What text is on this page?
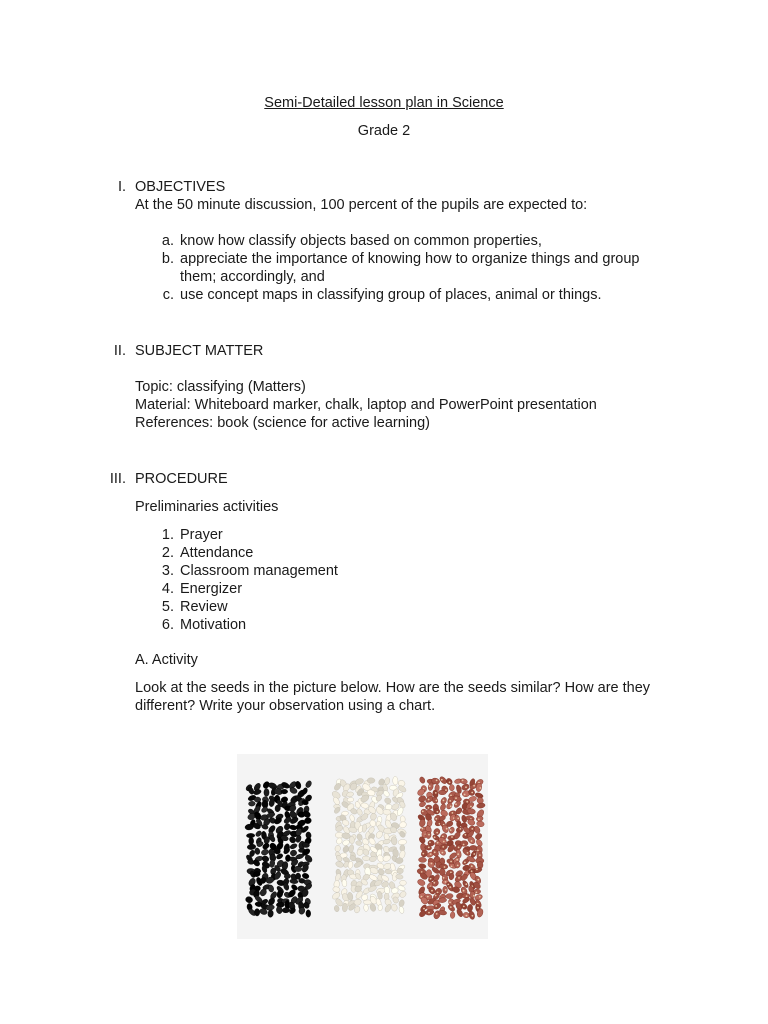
Semi-Detailed lesson plan in Science
Grade 2
I. OBJECTIVES
At the 50 minute discussion, 100 percent of the pupils are expected to:
a. know how classify objects based on common properties,
b. appreciate the importance of knowing how to organize things and group
them; accordingly, and
c. use concept maps in classifying group of places, animal or things.
II. SUBJECT MATTER
Topic: classifying (Matters)
Material: Whiteboard marker, chalk, laptop and PowerPoint presentation
References: book (science for active learning)
III. PROCEDURE
Preliminaries activities
1. Prayer
2. Attendance
3. Classroom management
4. Energizer
5. Review
6. Motivation
A. Activity
Look at the seeds in the picture below. How are the seeds similar? How are they
different? Write your observation using a chart.
